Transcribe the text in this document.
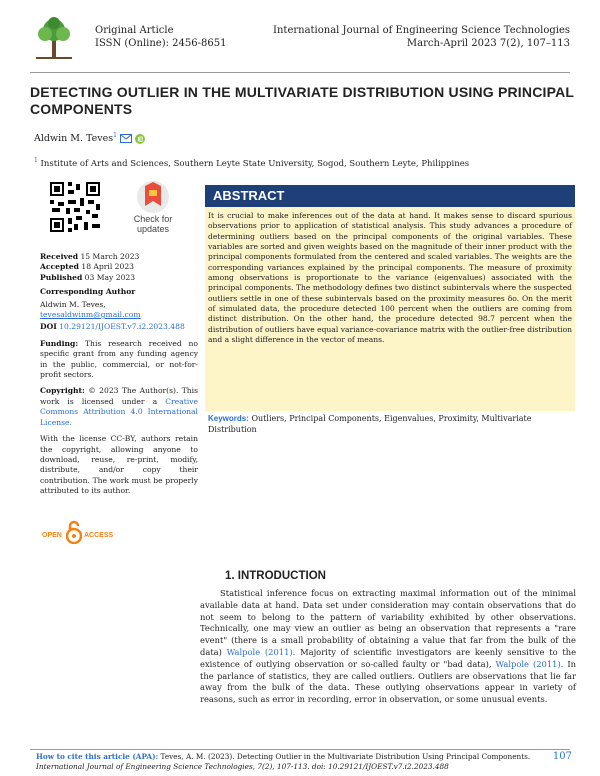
Original Article
ISSN (Online): 2456-8651
International Journal of Engineering Science Technologies
March-April 2023 7(2), 107–113
DETECTING OUTLIER IN THE MULTIVARIATE DISTRIBUTION USING PRINCIPAL COMPONENTS
Aldwin M. Teves$^1$
$^1$ Institute of Arts and Sciences, Southern Leyte State University, Sogod, Southern Leyte, Philippines
Check for
updates

Received 15 March 2023
Accepted 18 April 2023
Published 03 May 2023

Corresponding Author

Aldwin M. Teves,
tevesaldwinm@gmail.com

DOI 10.29121/IJOEST.v7.i2.2023.488

Funding: This research received no specific grant from any funding agency in the public, commercial, or not-for-profit sectors.

Copyright: © 2023 The Author(s). This work is licensed under a Creative Commons Attribution 4.0 International License.

With the license CC-BY, authors retain the copyright, allowing anyone to download, reuse, re-print, modify, distribute, and/or copy their contribution. The work must be properly attributed to its author.

OPEN	ACCESS
ABSTRACT
It is crucial to make inferences out of the data at hand. It makes sense to discard spurious observations prior to application of statistical analysis. This study advances a procedure of determining outliers based on the principal components of the original variables. These variables are sorted and given weights based on the magnitude of their inner product with the principal components formulated from the centered and scaled variables. The weights are the corresponding variances explained by the principal components. The measure of proximity among observations is proportionate to the variance (eigenvalues) associated with the principal components. The methodology defines two distinct subintervals where the suspected outliers settle in one of these subintervals based on the proximity measures δo. On the merit of simulated data, the procedure detected 100 percent when the outliers are coming from distinct distribution. On the other hand, the procedure detected 98.7 percent when the distribution of outliers have equal variance-covariance matrix with the outlier-free distribution and a slight difference in the vector of means.
Keywords: Outliers, Principal Components, Eigenvalues, Proximity, Multivariate Distribution
1. INTRODUCTION
Statistical inference focus on extracting maximal information out of the minimal available data at hand. Data set under consideration may contain observations that do not seem to belong to the pattern of variability exhibited by other observations. Technically, one may view an outlier as being an observation that represents a "rare event" (there is a small probability of obtaining a value that far from the bulk of the data) Walpole (2011). Majority of scientific investigators are keenly sensitive to the existence of outlying observation or so-called faulty or "bad data), Walpole (2011). In the parlance of statistics, they are called outliers. Outliers are observations that lie far away from the bulk of the data. These outlying observations appear in variety of reasons, such as error in recording, error in observation, or some unusual events.
How to cite this article (APA): Teves, A. M. (2023). Detecting Outlier in the Multivariate Distribution Using Principal Components.
International Journal of Engineering Science Technologies, 7(2), 107-113. doi: 10.29121/IJOEST.v7.i2.2023.488
107
